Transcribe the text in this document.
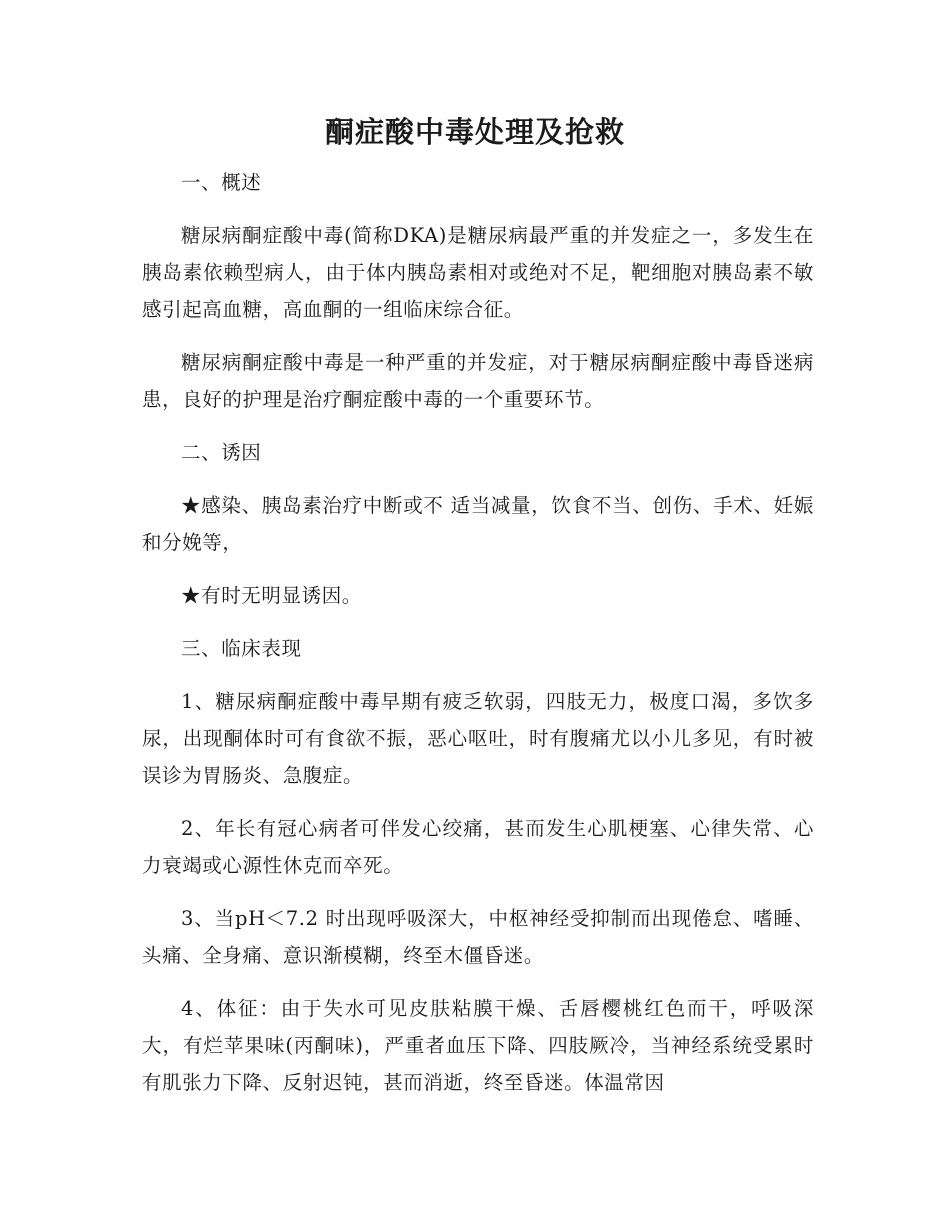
酮症酸中毒处理及抢救

一、概述

糖尿病酮症酸中毒(简称DKA)是糖尿病最严重的并发症之一，多发生在胰岛素依赖型病人，由于体内胰岛素相对或绝对不足，靶细胞对胰岛素不敏感引起高血糖，高血酮的一组临床综合征。

糖尿病酮症酸中毒是一种严重的并发症，对于糖尿病酮症酸中毒昏迷病患，良好的护理是治疗酮症酸中毒的一个重要环节。

二、诱因

★感染、胰岛素治疗中断或不 适当减量，饮食不当、创伤、手术、妊娠和分娩等，

★有时无明显诱因。

三、临床表现

1、糖尿病酮症酸中毒早期有疲乏软弱，四肢无力，极度口渴，多饮多尿，出现酮体时可有食欲不振，恶心呕吐，时有腹痛尤以小儿多见，有时被误诊为胃肠炎、急腹症。

2、年长有冠心病者可伴发心绞痛，甚而发生心肌梗塞、心律失常、心力衰竭或心源性休克而卒死。

3、当pH＜7.2 时出现呼吸深大，中枢神经受抑制而出现倦怠、嗜睡、头痛、全身痛、意识渐模糊，终至木僵昏迷。

4、体征：由于失水可见皮肤粘膜干燥、舌唇樱桃红色而干，呼吸深大，有烂苹果味(丙酮味)，严重者血压下降、四肢厥冷，当神经系统受累时有肌张力下降、反射迟钝，甚而消逝，终至昏迷。体温常因
